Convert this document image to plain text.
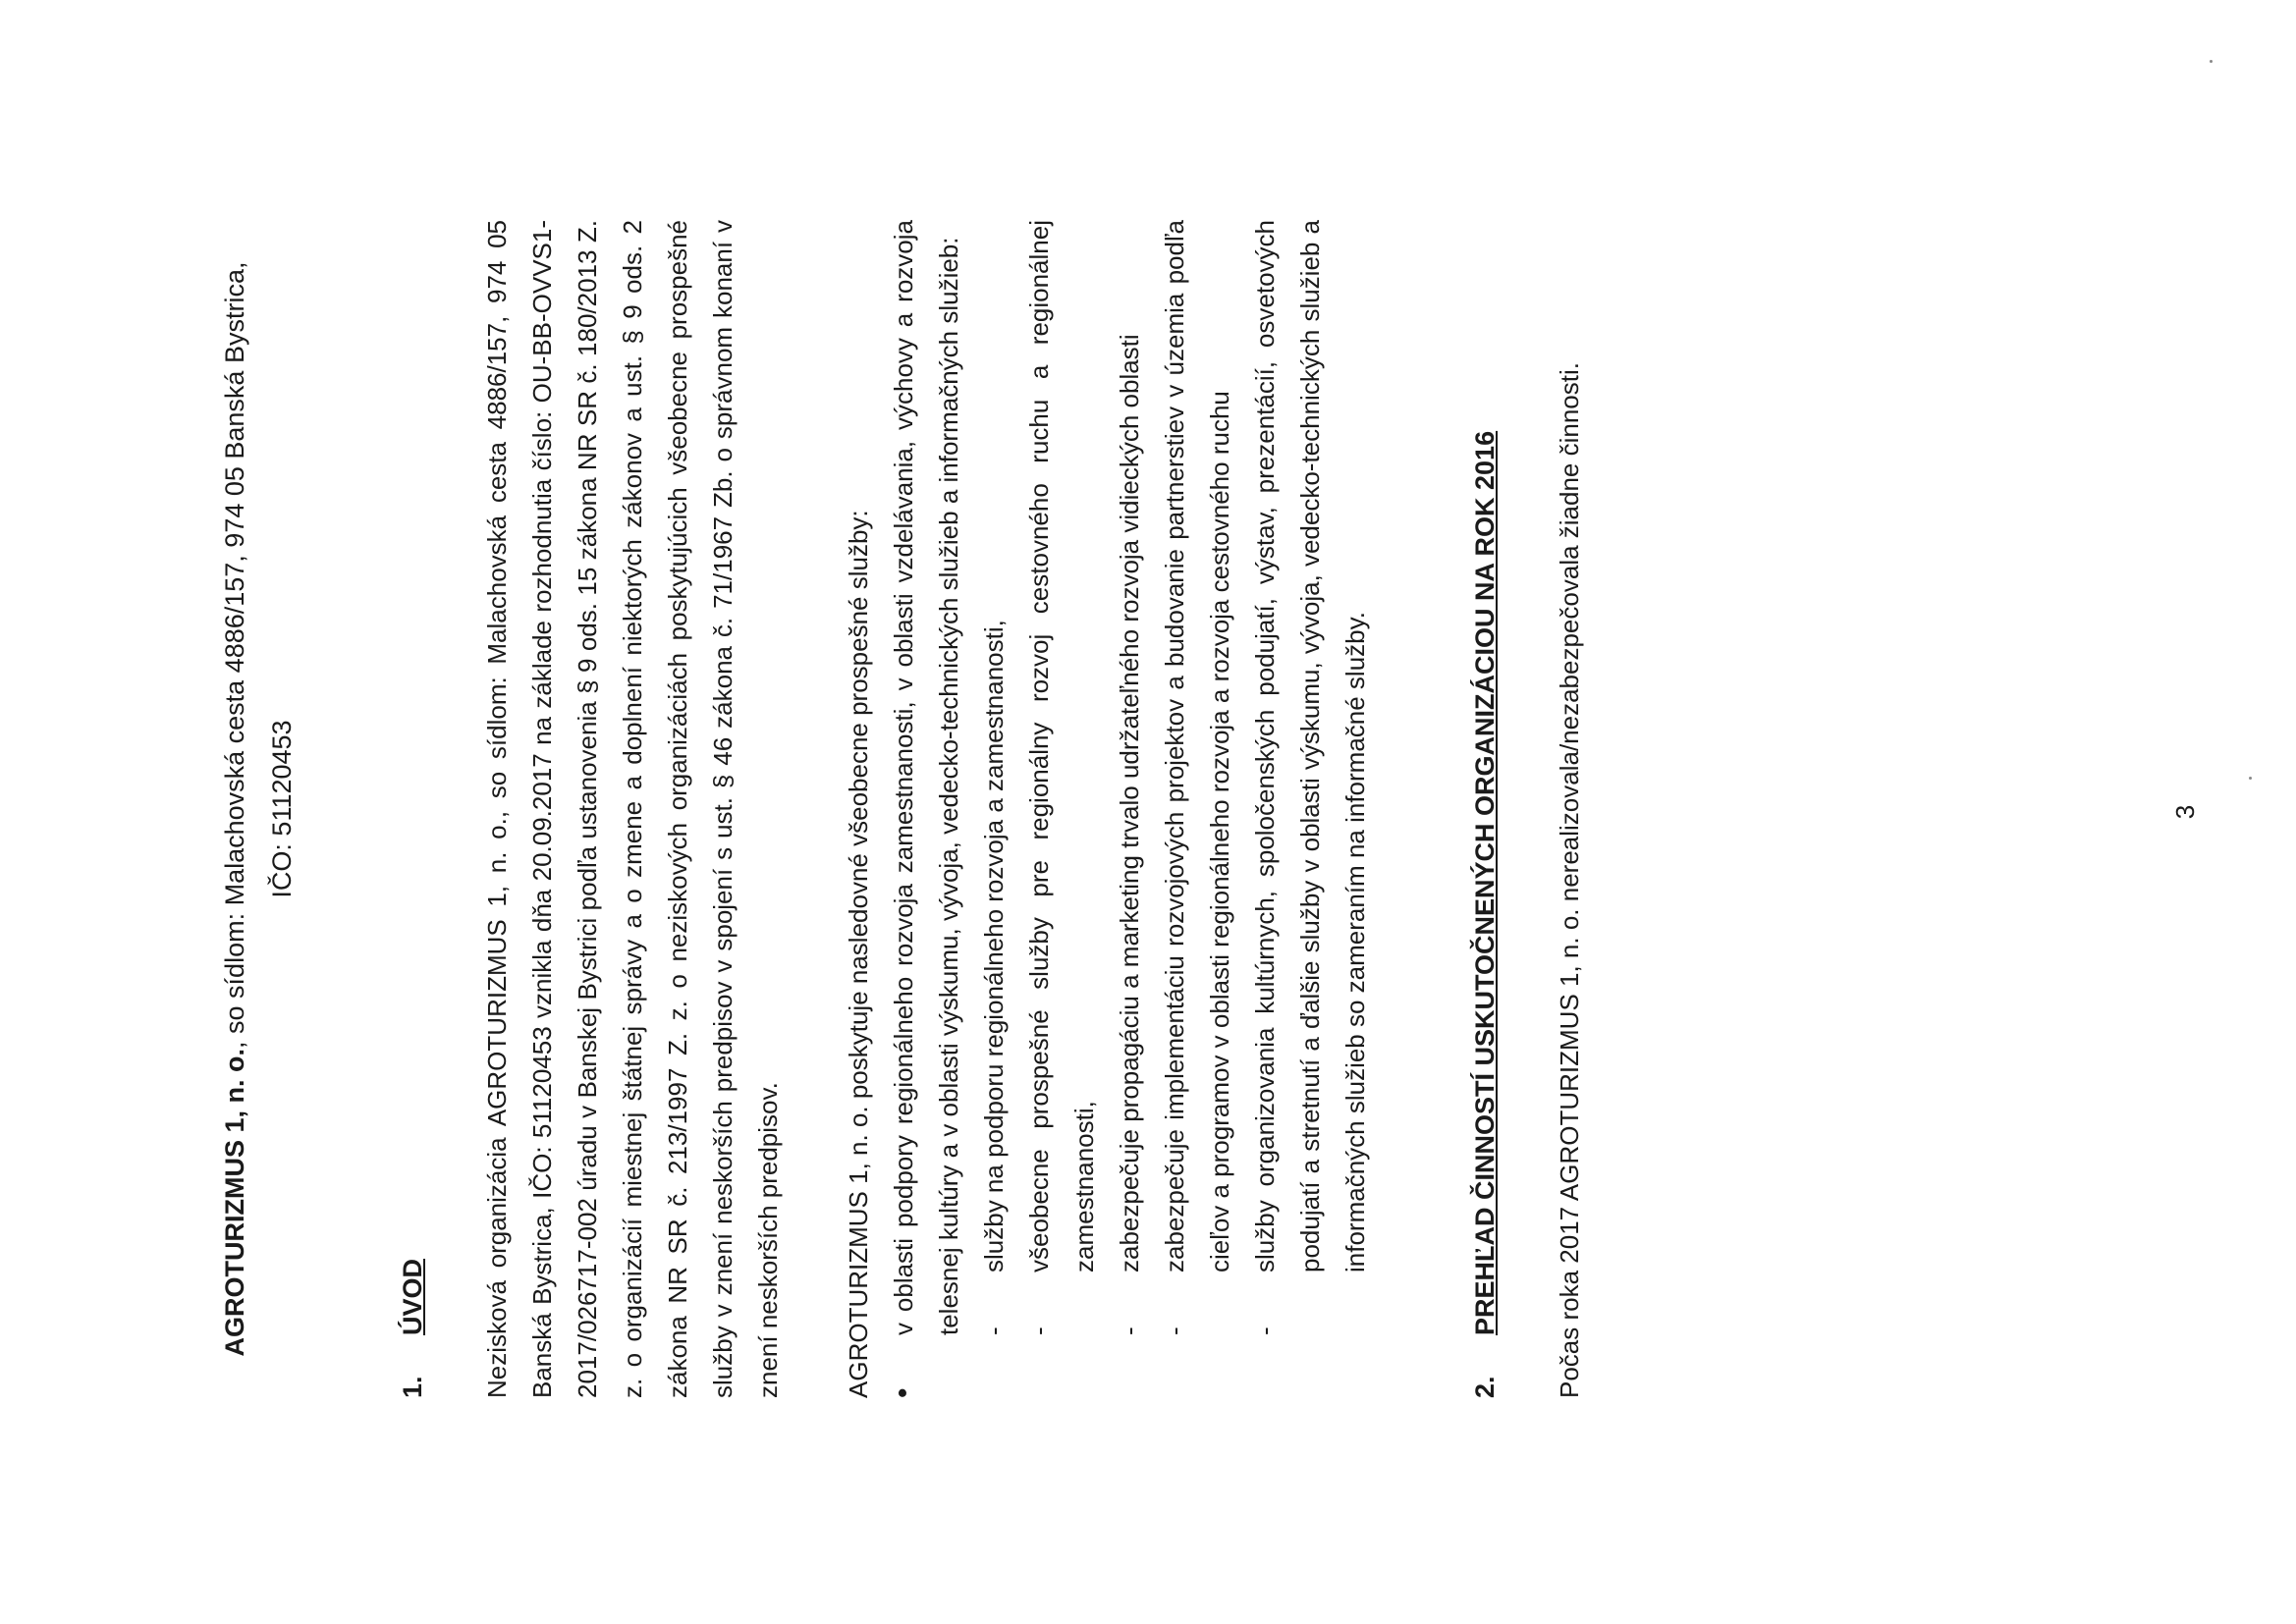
AGROTURIZMUS 1, n. o., so sídlom: Malachovská cesta 4886/157, 974 05 Banská Bystrica, IČO: 51120453
1.
ÚVOD	Nezisková organizácia AGROTURIZMUS 1, n. o., so sídlom: Malachovská cesta 4886/157, 974 05 Banská Bystrica, IČO: 51120453 vznikla dňa 20.09.2017 na základe rozhodnutia číslo: OU-BB-OVVS1-2017/026717-002 úradu v Banskej Bystrici podľa ustanovenia § 9 ods. 15 zákona NR SR č. 180/2013 Z. z. o organizácií miestnej štátnej správy a o zmene a doplnení niektorých zákonov a ust. § 9 ods. 2 zákona NR SR č. 213/1997 Z. z. o neziskových organizáciách poskytujúcich všeobecne prospešné služby v znení neskorších predpisov v spojení s ust. § 46 zákona č. 71/1967 Zb. o správnom konaní v znení neskorších predpisov.	AGROTURIZMUS 1, n. o. poskytuje nasledovné všeobecne prospešné služby: •
v oblasti podpory regionálneho rozvoja zamestnanosti, v oblasti vzdelávania, výchovy a rozvoja telesnej kultúry a v oblasti výskumu, vývoja, vedecko-technických služieb a informačných služieb: -
služby na podporu regionálneho rozvoja a zamestnanosti,
-
všeobecne prospešné služby pre regionálny rozvoj cestovného ruchu a regionálnej zamestnanosti,
-
zabezpečuje propagáciu a marketing trvalo udržateľného rozvoja vidieckých oblasti
-
zabezpečuje implementáciu rozvojových projektov a budovanie partnerstiev v územia podľa cieľov a programov v oblasti regionálneho rozvoja a rozvoja cestovného ruchu
-
služby organizovania kultúrnych, spoločenských podujatí, výstav, prezentácií, osvetových podujatí a stretnutí a ďalšie služby v oblasti výskumu, vývoja, vedecko-technických služieb a informačných služieb so zameraním na informačné služby.
2.
PREHĽAD ČINNOSTÍ USKUTOČNENÝCH ORGANIZÁCIOU NA ROK 2016	Počas roka 2017 AGROTURIZMUS 1, n. o. nerealizovala/nezabezpečovala žiadne činnosti.	3
